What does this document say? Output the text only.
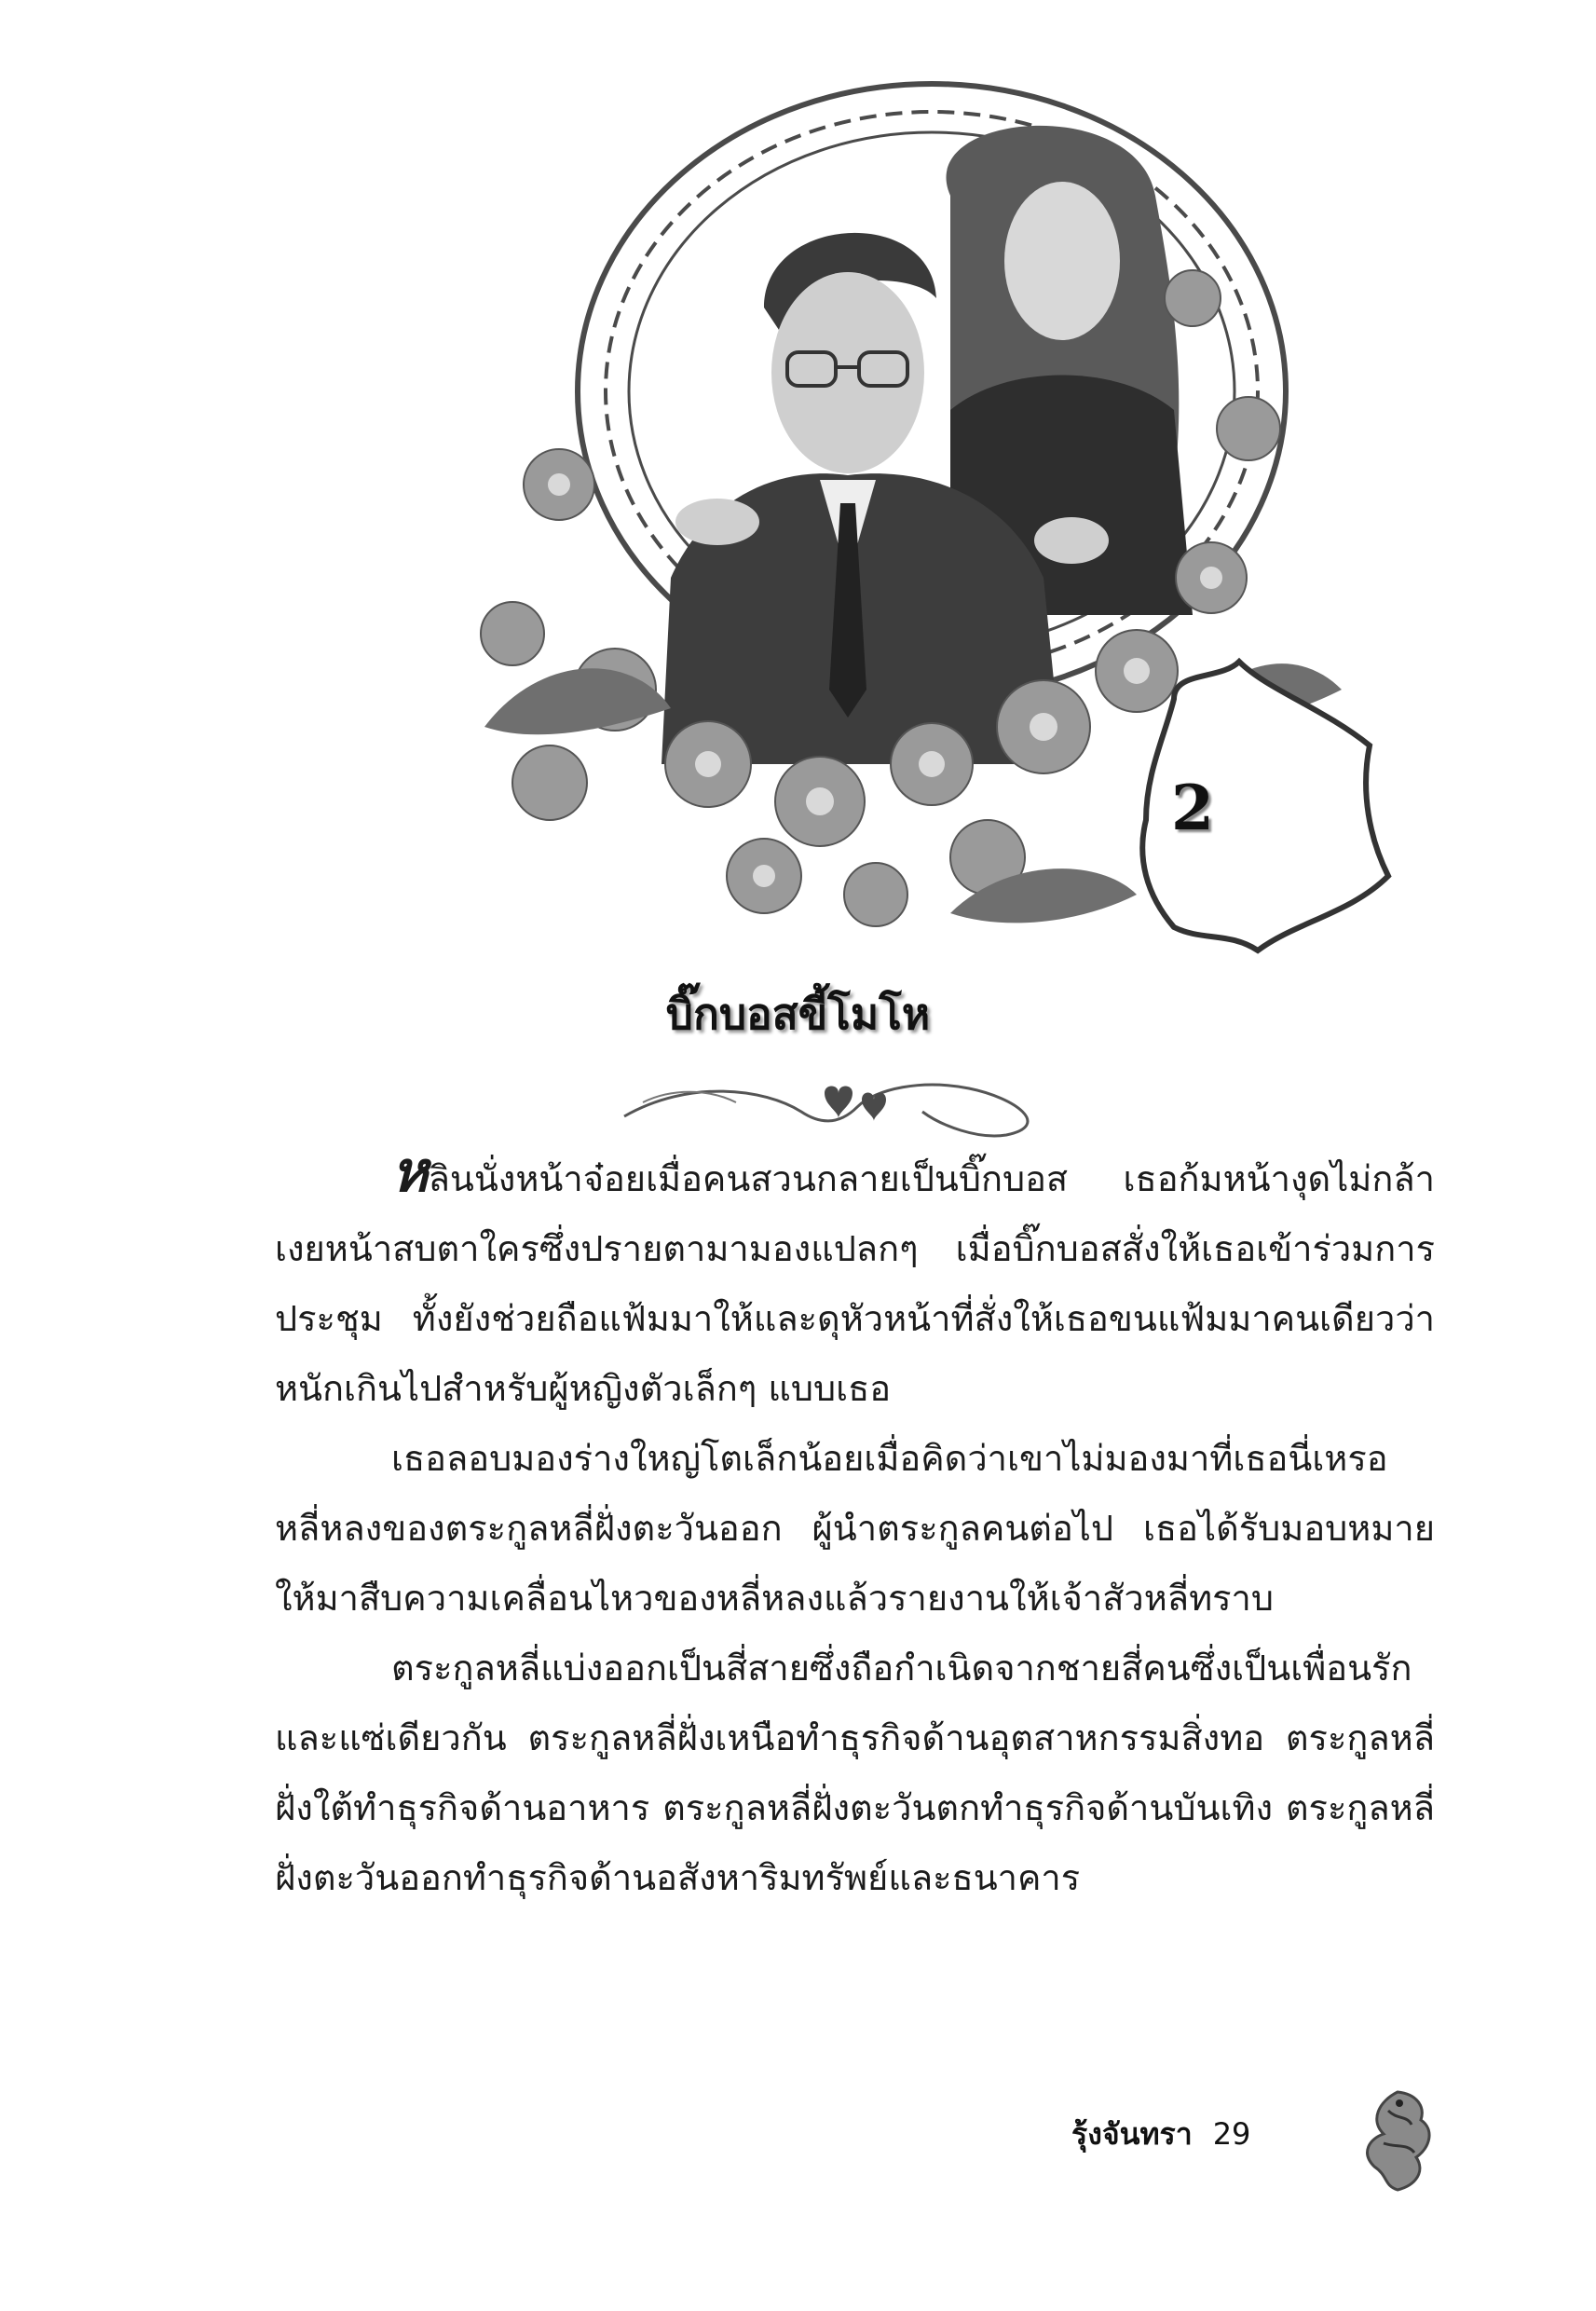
2
บิ๊กบอสขี้โมโห

หลินนั่งหน้าจ๋อยเมื่อคนสวนกลายเป็นบิ๊กบอส เธอก้มหน้างุดไม่กล้าเงยหน้าสบตาใครซึ่งปรายตามามองแปลกๆ เมื่อบิ๊กบอสสั่งให้เธอเข้าร่วมการประชุม ทั้งยังช่วยถือแฟ้มมาให้และดุหัวหน้าที่สั่งให้เธอขนแฟ้มมาคนเดียวว่าหนักเกินไปสำหรับผู้หญิงตัวเล็กๆ แบบเธอ

เธอลอบมองร่างใหญ่โตเล็กน้อยเมื่อคิดว่าเขาไม่มองมาที่เธอนี่เหรอ หลี่หลงของตระกูลหลี่ฝั่งตะวันออก ผู้นำตระกูลคนต่อไป เธอได้รับมอบหมายให้มาสืบความเคลื่อนไหวของหลี่หลงแล้วรายงานให้เจ้าสัวหลี่ทราบ

ตระกูลหลี่แบ่งออกเป็นสี่สายซึ่งถือกำเนิดจากชายสี่คนซึ่งเป็นเพื่อนรักและแซ่เดียวกัน ตระกูลหลี่ฝั่งเหนือทำธุรกิจด้านอุตสาหกรรมสิ่งทอ ตระกูลหลี่ฝั่งใต้ทำธุรกิจด้านอาหาร ตระกูลหลี่ฝั่งตะวันตกทำธุรกิจด้านบันเทิง ตระกูลหลี่ฝั่งตะวันออกทำธุรกิจด้านอสังหาริมทรัพย์และธนาคาร

รุ้งจันทรา 29
